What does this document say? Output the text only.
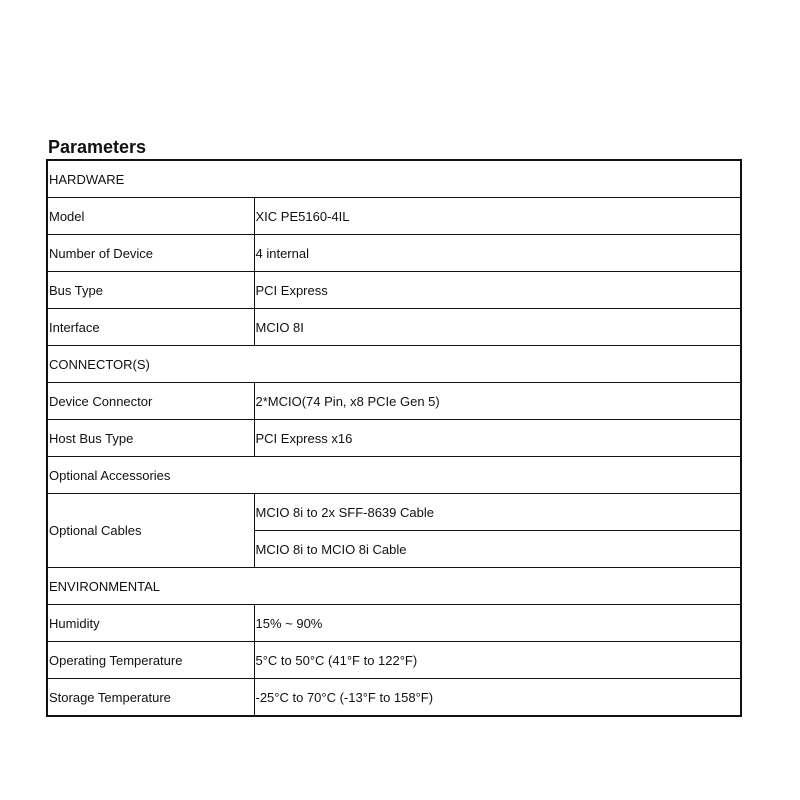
Parameters
HARDWARE	
Model	XIC PE5160-4IL
Number of Device	4 internal
Bus Type	PCI Express
Interface	MCIO 8I
CONNECTOR(S)	
Device Connector	2*MCIO(74 Pin, x8 PCIe Gen 5)
Host Bus Type	PCI Express x16
Optional Accessories	
Optional Cables	MCIO 8i to 2x SFF-8639 Cable
	MCIO 8i to MCIO 8i Cable
ENVIRONMENTAL	
Humidity	15% ~ 90%
Operating Temperature	5°C to 50°C (41°F to 122°F)
Storage Temperature	-25°C to 70°C (-13°F to 158°F)
